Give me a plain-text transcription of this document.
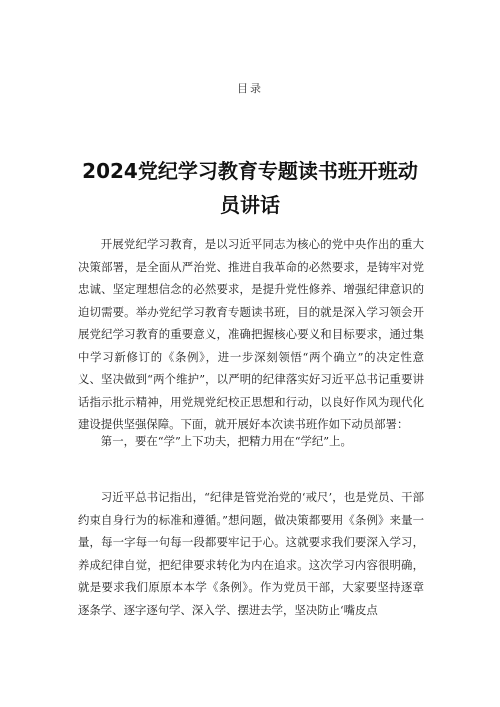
目录
2024党纪学习教育专题读书班开班动员讲话

开展党纪学习教育，是以习近平同志为核心的党中央作出的重大决策部署，是全面从严治党、推进自我革命的必然要求，是铸牢对党忠诚、坚定理想信念的必然要求，是提升党性修养、增强纪律意识的迫切需要。举办党纪学习教育专题读书班，目的就是深入学习领会开展党纪学习教育的重要意义，准确把握核心要义和目标要求，通过集中学习新修订的《条例》，进一步深刻领悟“两个确立”的决定性意义、坚决做到“两个维护”，以严明的纪律落实好习近平总书记重要讲话指示批示精神，用党规党纪校正思想和行动，以良好作风为现代化建设提供坚强保障。下面，就开展好本次读书班作如下动员部署：

第一，要在“学”上下功夫，把精力用在“学纪”上。

习近平总书记指出，“纪律是管党治党的‘戒尺’，也是党员、干部约束自身行为的标准和遵循。”想问题，做决策都要用《条例》来量一量，每一字每一句每一段都要牢记于心。这就要求我们要深入学习，养成纪律自觉，把纪律要求转化为内在追求。这次学习内容很明确，就是要求我们原原本本学《条例》。作为党员干部，大家要坚持逐章逐条学、逐字逐句学、深入学、摆进去学，坚决防止‘嘴皮点
